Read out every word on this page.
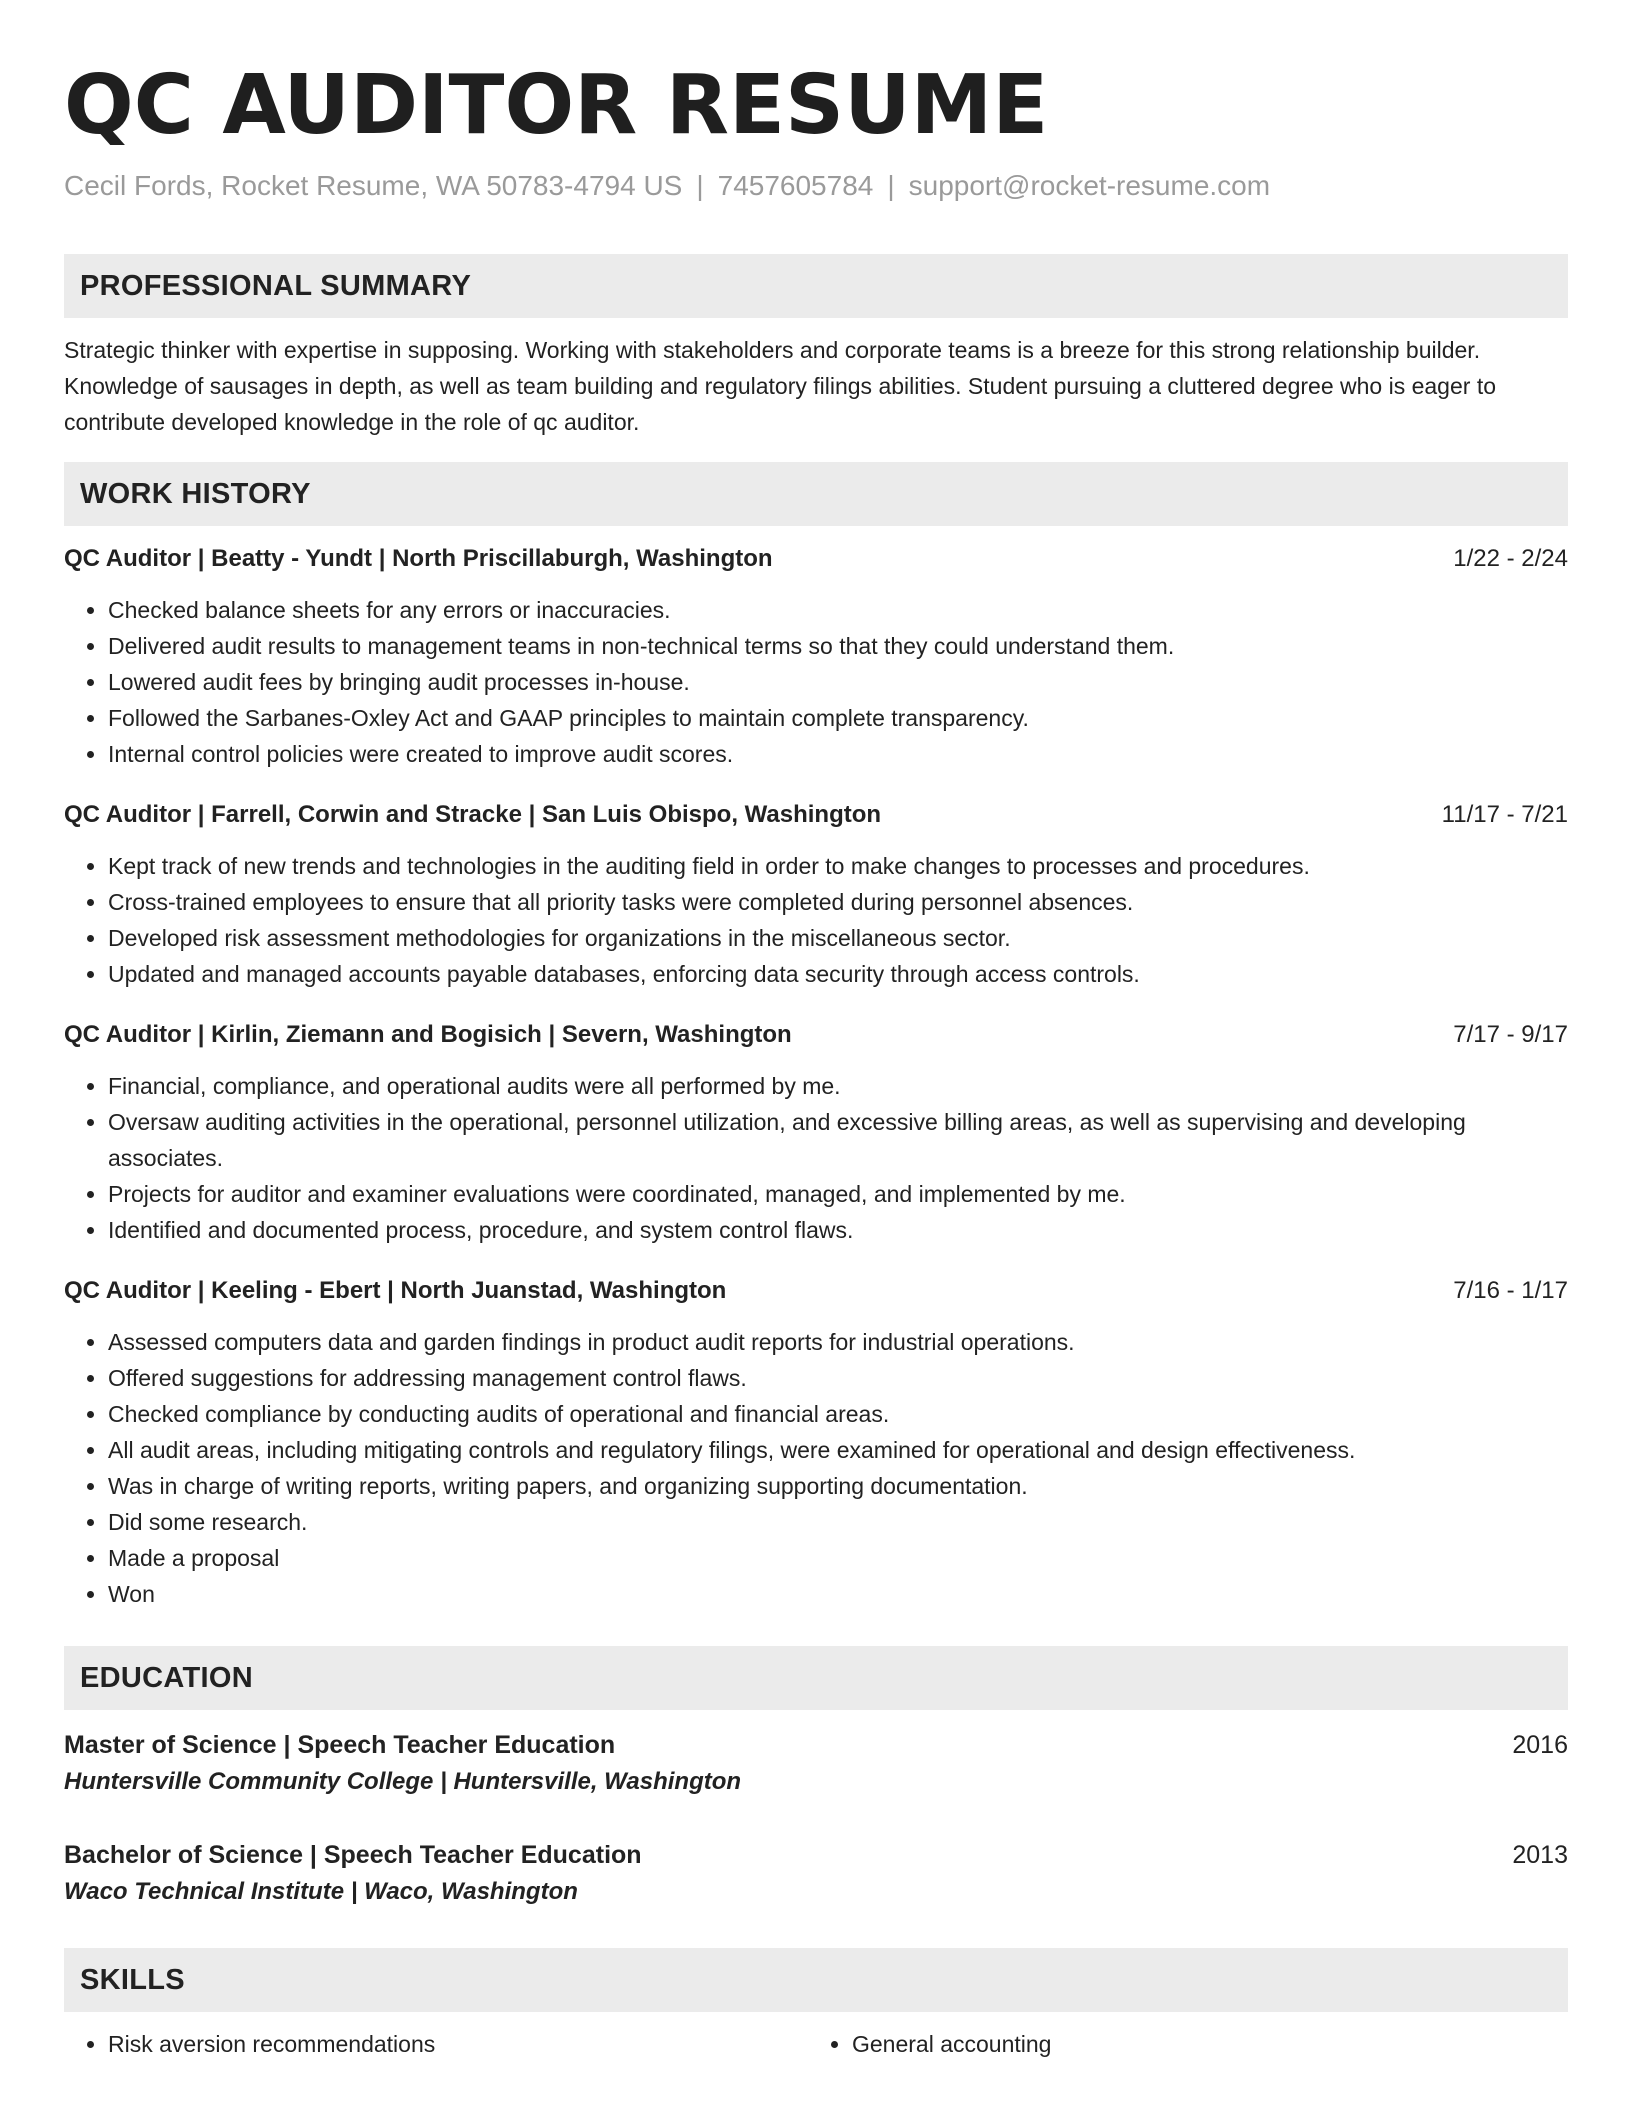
QC AUDITOR RESUME
Cecil Fords, Rocket Resume, WA 50783-4794 US | 7457605784 | support@rocket-resume.com
PROFESSIONAL SUMMARY

Strategic thinker with expertise in supposing. Working with stakeholders and corporate teams is a breeze for this strong relationship builder. Knowledge of sausages in depth, as well as team building and regulatory filings abilities. Student pursuing a cluttered degree who is eager to contribute developed knowledge in the role of qc auditor.

WORK HISTORY
QC Auditor | Beatty - Yundt | North Priscillaburgh, Washington	1/22 - 2/24
• Checked balance sheets for any errors or inaccuracies.
• Delivered audit results to management teams in non-technical terms so that they could understand them.
• Lowered audit fees by bringing audit processes in-house.
• Followed the Sarbanes-Oxley Act and GAAP principles to maintain complete transparency.
• Internal control policies were created to improve audit scores.
QC Auditor | Farrell, Corwin and Stracke | San Luis Obispo, Washington	11/17 - 7/21
• Kept track of new trends and technologies in the auditing field in order to make changes to processes and procedures.
• Cross-trained employees to ensure that all priority tasks were completed during personnel absences.
• Developed risk assessment methodologies for organizations in the miscellaneous sector.
• Updated and managed accounts payable databases, enforcing data security through access controls.
QC Auditor | Kirlin, Ziemann and Bogisich | Severn, Washington	7/17 - 9/17
• Financial, compliance, and operational audits were all performed by me.
• Oversaw auditing activities in the operational, personnel utilization, and excessive billing areas, as well as supervising and developing associates.
• Projects for auditor and examiner evaluations were coordinated, managed, and implemented by me.
• Identified and documented process, procedure, and system control flaws.
QC Auditor | Keeling - Ebert | North Juanstad, Washington	7/16 - 1/17
• Assessed computers data and garden findings in product audit reports for industrial operations.
• Offered suggestions for addressing management control flaws.
• Checked compliance by conducting audits of operational and financial areas.
• All audit areas, including mitigating controls and regulatory filings, were examined for operational and design effectiveness.
• Was in charge of writing reports, writing papers, and organizing supporting documentation.
• Did some research.
• Made a proposal
• Won
EDUCATION
Master of Science | Speech Teacher Education	2016
Huntersville Community College | Huntersville, Washington
Bachelor of Science | Speech Teacher Education	2013
Waco Technical Institute | Waco, Washington
SKILLS
• Risk aversion recommendations
•	General accounting
